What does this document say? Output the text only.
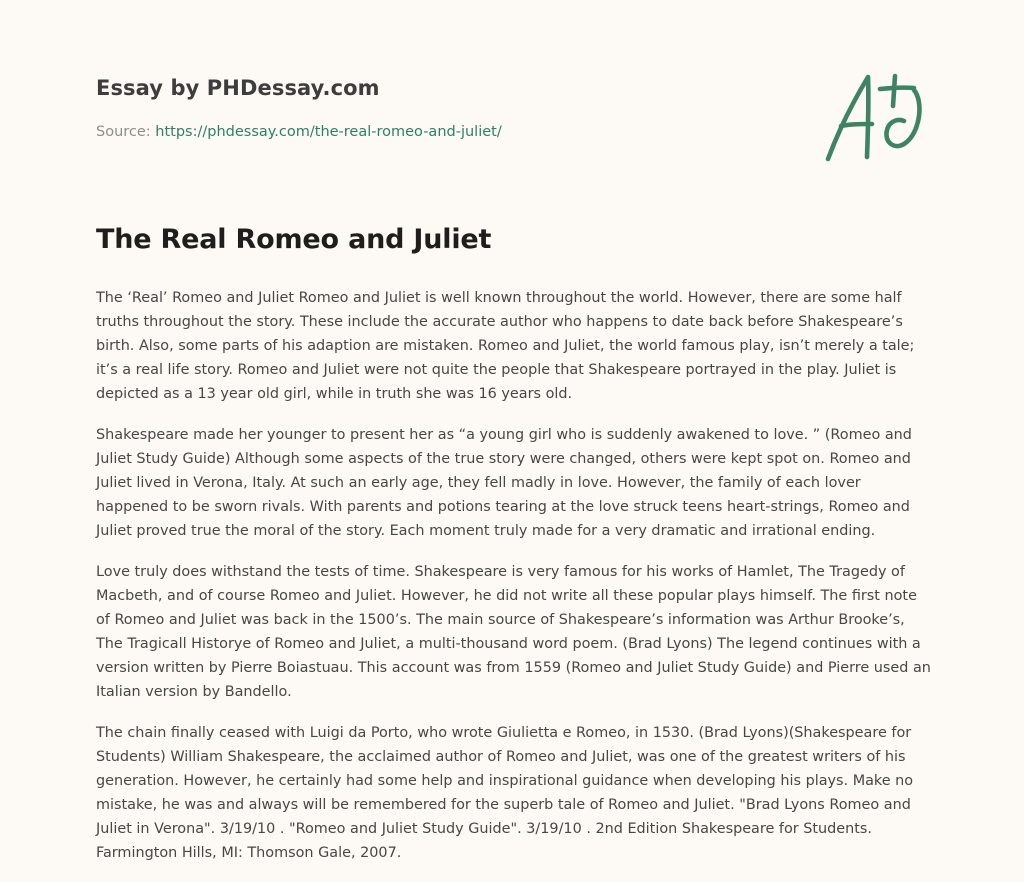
Essay by PHDessay.com

Source: https://phdessay.com/the-real-romeo-and-juliet/

The Real Romeo and Juliet

The ‘Real’ Romeo and Juliet Romeo and Juliet is well known throughout the world. However, there are some half truths throughout the story. These include the accurate author who happens to date back before Shakespeare’s birth. Also, some parts of his adaption are mistaken. Romeo and Juliet, the world famous play, isn’t merely a tale; it’s a real life story. Romeo and Juliet were not quite the people that Shakespeare portrayed in the play. Juliet is depicted as a 13 year old girl, while in truth she was 16 years old.

Shakespeare made her younger to present her as “a young girl who is suddenly awakened to love. ” (Romeo and Juliet Study Guide) Although some aspects of the true story were changed, others were kept spot on. Romeo and Juliet lived in Verona, Italy. At such an early age, they fell madly in love. However, the family of each lover happened to be sworn rivals. With parents and potions tearing at the love struck teens heart-strings, Romeo and Juliet proved true the moral of the story. Each moment truly made for a very dramatic and irrational ending.

Love truly does withstand the tests of time. Shakespeare is very famous for his works of Hamlet, The Tragedy of Macbeth, and of course Romeo and Juliet. However, he did not write all these popular plays himself. The first note of Romeo and Juliet was back in the 1500’s. The main source of Shakespeare’s information was Arthur Brooke’s, The Tragicall Historye of Romeo and Juliet, a multi-thousand word poem. (Brad Lyons) The legend continues with a version written by Pierre Boiastuau. This account was from 1559 (Romeo and Juliet Study Guide) and Pierre used an Italian version by Bandello.

The chain finally ceased with Luigi da Porto, who wrote Giulietta e Romeo, in 1530. (Brad Lyons)(Shakespeare for Students) William Shakespeare, the acclaimed author of Romeo and Juliet, was one of the greatest writers of his generation. However, he certainly had some help and inspirational guidance when developing his plays. Make no mistake, he was and always will be remembered for the superb tale of Romeo and Juliet. "Brad Lyons Romeo and Juliet in Verona". 3/19/10 . "Romeo and Juliet Study Guide". 3/19/10 . 2nd Edition Shakespeare for Students. Farmington Hills, MI: Thomson Gale, 2007.
